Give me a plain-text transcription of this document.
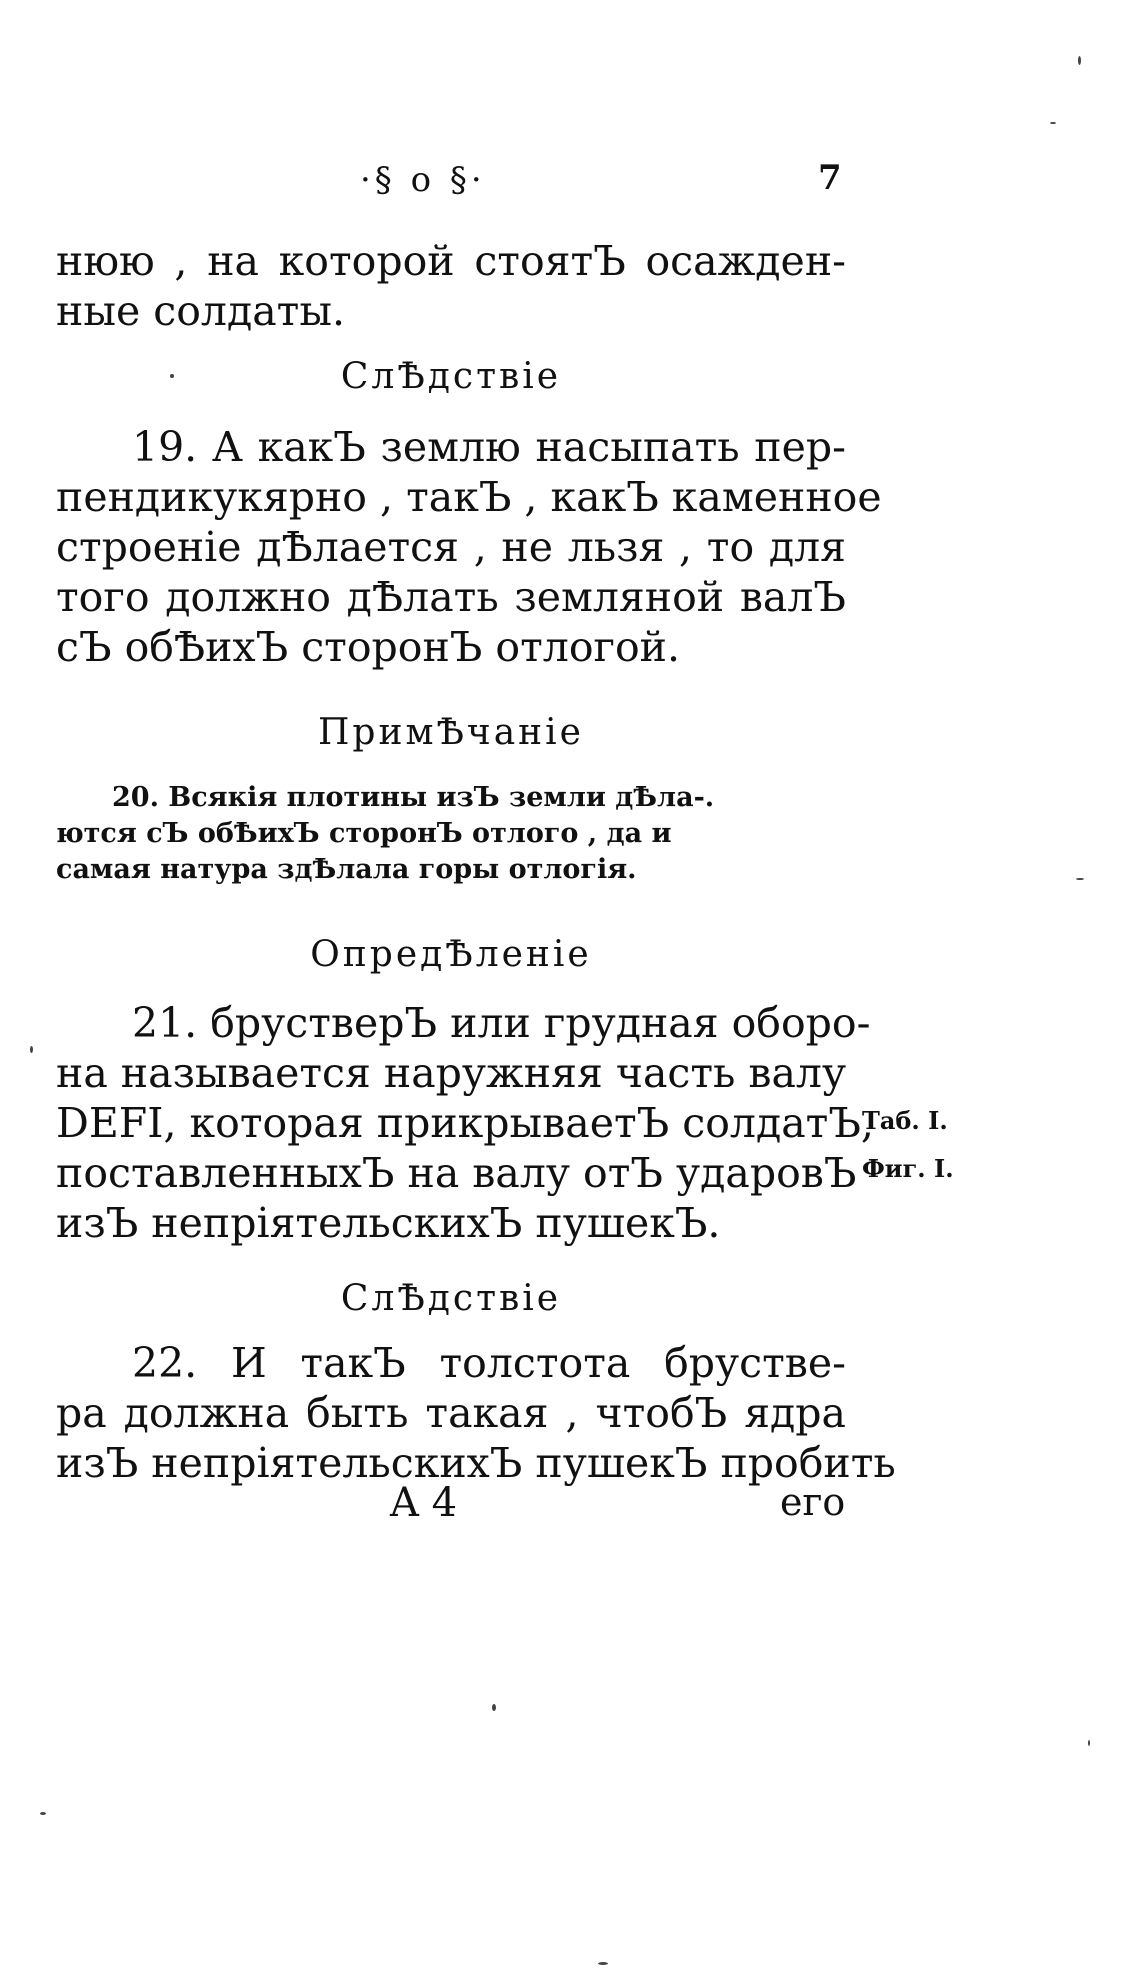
·§ o §·	7
нюю , на которой стоятЪ осажден-
ные солдаты.
СлѢдствіе
19. А какЪ землю насыпать пер-
пендикукярно , такЪ , какЪ каменное
строеніе дѢлается , не льзя , то для
того должно дѢлать земляной валЪ
сЪ обѢихЪ сторонЪ отлогой.
ПримѢчаніе
20. Всякія плотины изЪ земли дѢла-.
ются сЪ обѢихЪ сторонЪ отлого , да и
самая натура здѢлала горы отлогія.
ОпредѢленіе
21. брустверЪ или грудная оборо-
на называется наружняя часть валу
DEFI, которая прикрываетЪ солдатЪ,
поставленныхЪ на валу отЪ ударовЪ
изЪ непріятельскихЪ пушекЪ.
Таб. I.
Фиг. I.
СлѢдствіе
22. И такЪ толстота бруствe-
ра должна быть такая , чтобЪ ядра
изЪ непріятельскихЪ пушекЪ пробить
A 4	его
